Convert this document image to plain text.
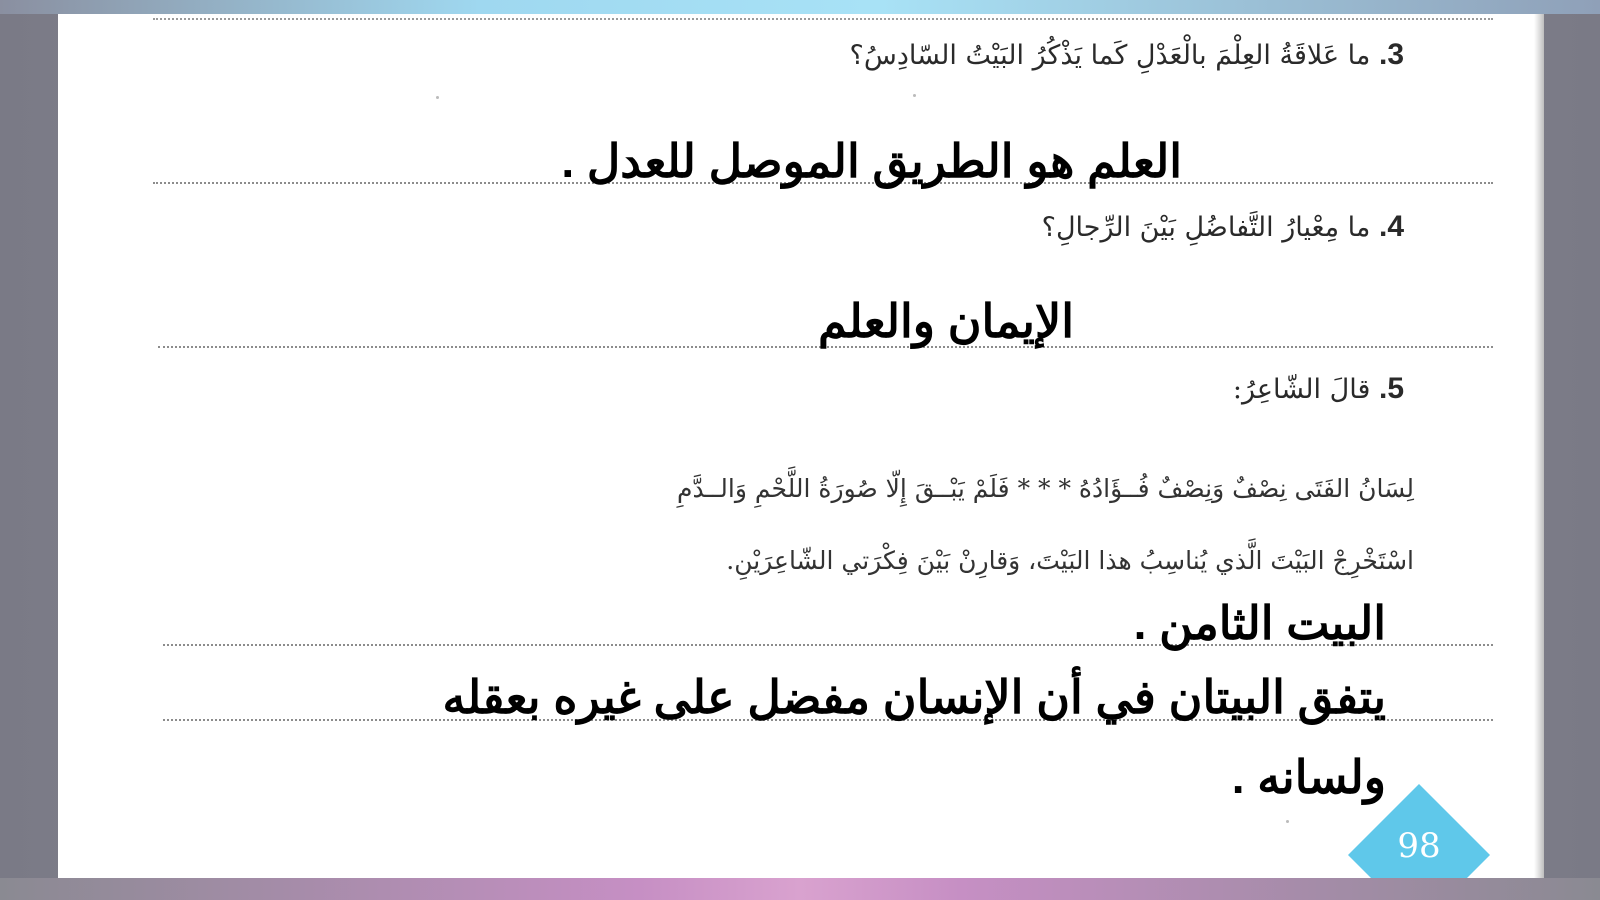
3. ما عَلاقَةُ العِلْمَ بالْعَدْلِ كَما يَذْكُرُ البَيْتُ السّادِسُ؟
العلم هو الطريق الموصل للعدل .
4. ما مِعْيارُ التَّفاضُلِ بَيْنَ الرِّجالِ؟
الإيمان والعلم
5. قالَ الشّاعِرُ:
لِسَانُ الفَتَى نِصْفٌ وَنِصْفٌ فُــؤَادُهُ * * * فَلَمْ يَبْــقَ إِلّا صُورَةُ اللَّحْمِ وَالــدَّمِ
اسْتَخْرِجْ البَيْتَ الَّذي يُناسِبُ هذا البَيْتَ، وَقارِنْ بَيْنَ فِكْرَتي الشّاعِرَيْنِ.
البيت الثامن .
يتفق البيتان في أن الإنسان مفضل على غيره بعقله
ولسانه .
98
